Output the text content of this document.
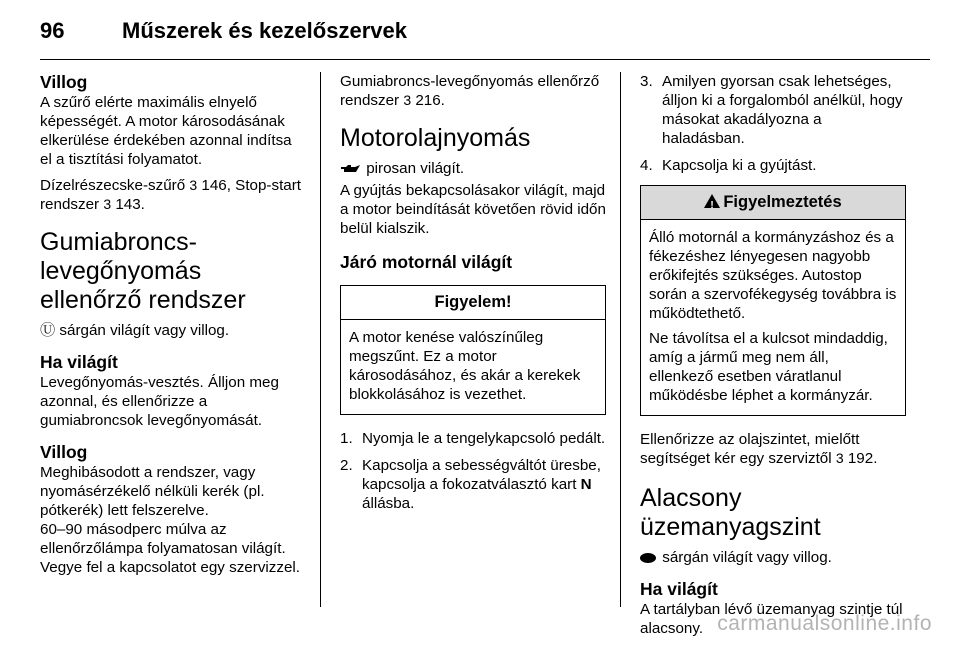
96	Műszerek és kezelőszervek
Villog

A szűrő elérte maximális elnyelő képességét. A motor károsodásának elkerülése érdekében azonnal indítsa el a tisztítási folyamatot.

Dízelrészecske-szűrő 3 146, Stop-start rendszer 3 143.

Gumiabroncs-levegőnyomás ellenőrző rendszer

Ⓤ sárgán világít vagy villog.

Ha világít

Levegőnyomás-vesztés. Álljon meg azonnal, és ellenőrizze a gumiabroncsok levegőnyomását.

Villog

Meghibásodott a rendszer, vagy nyomásérzékelő nélküli kerék (pl. pótkerék) lett felszerelve.

60–90 másodperc múlva az ellenőrzőlámpa folyamatosan világít. Vegye fel a kapcsolatot egy szervizzel.

Gumiabroncs-levegőnyomás ellenőrző rendszer 3 216.

Motorolajnyomás

pirosan világít.

A gyújtás bekapcsolásakor világít, majd a motor beindítását követően rövid időn belül kialszik.

Járó motornál világít
Figyelem!

A motor kenése valószínűleg megszűnt. Ez a motor károsodásához, és akár a kerekek blokkolásához is vezethet.

1. Nyomja le a tengelykapcsoló pedált.
2. Kapcsolja a sebességváltót üresbe, kapcsolja a fokozatválasztó kart N állásba.
3. Amilyen gyorsan csak lehetséges, álljon ki a forgalomból anélkül, hogy másokat akadályozna a haladásban.
4. Kapcsolja ki a gyújtást.
!Figyelmeztetés

Álló motornál a kormányzáshoz és a fékezéshez lényegesen nagyobb erőkifejtés szükséges. Autostop során a szervofékegység továbbra is működtethető.

Ne távolítsa el a kulcsot mindaddig, amíg a jármű meg nem áll, ellenkező esetben váratlanul működésbe léphet a kormányzár.

Ellenőrizze az olajszintet, mielőtt segítséget kér egy szerviztől 3 192.

Alacsony üzemanyagszint

sárgán világít vagy villog.

Ha világít

A tartályban lévő üzemanyag szintje túl alacsony. carmanualsonline.info
